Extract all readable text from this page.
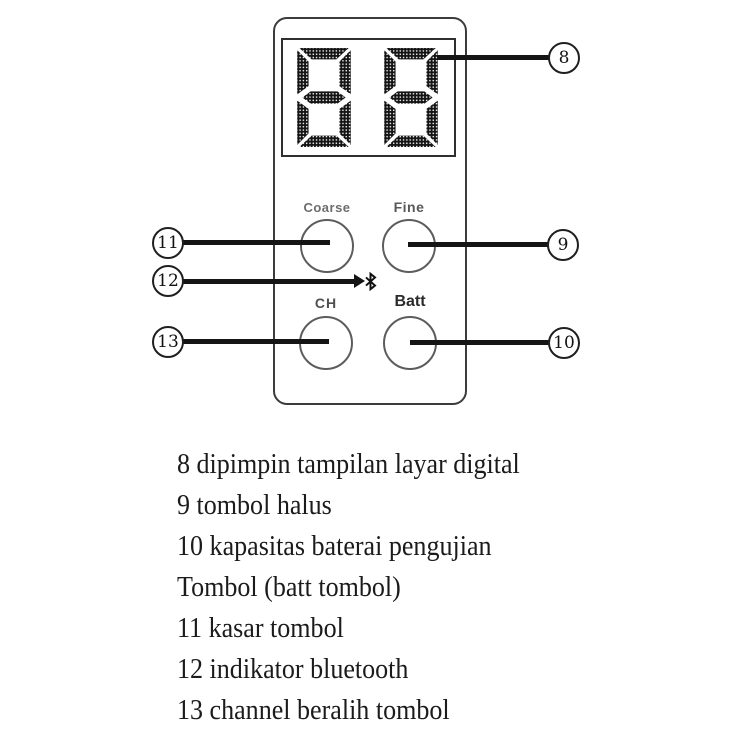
Coarse	Fine
CH	Batt
8
9
10
11
12
13
8 dipimpin tampilan layar digital
9 tombol halus
10 kapasitas baterai pengujian
Tombol (batt tombol)
11 kasar tombol
12 indikator bluetooth
13 channel beralih tombol
